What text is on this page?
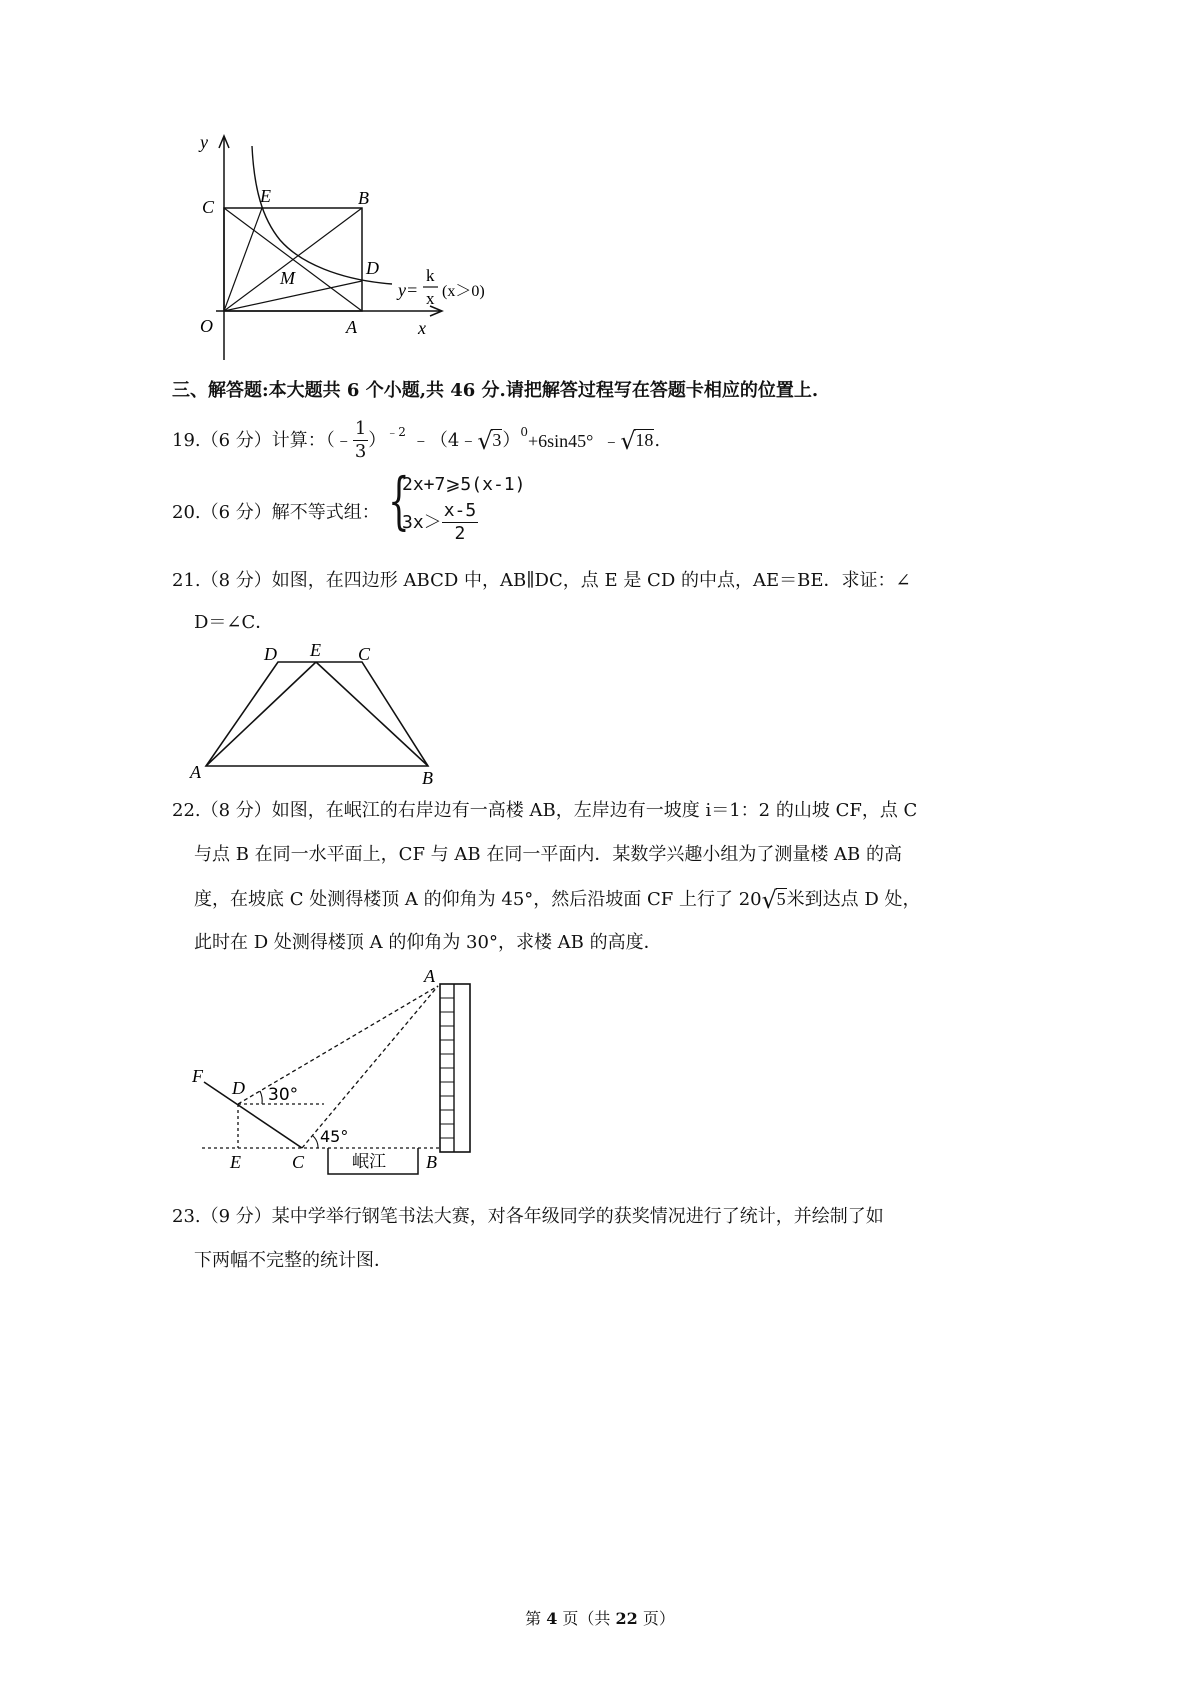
y
C
E	B
D
M
O	A	x
y=
k
x (x＞0)
三、解答题:本大题共 6 个小题,共 46 分.请把解答过程写在答题卡相应的位置上.
19.（6 分）计算：（﹣ $\frac{1}{3}$ ） ﹣2 ﹣（4﹣ √ 3 ） 0 +6sin45°  ﹣ √ 18 .
20.（6 分）解不等式组： {
2x+7⩾5(x-1)
$3x> \frac{x-5}{2}$
21.（8 分）如图，在四边形 ABCD 中，AB∥DC，点 E 是 CD 的中点，AE＝BE．求证：∠
D＝∠C．
D E C
A	B
22.（8 分）如图，在岷江的右岸边有一高楼 AB，左岸边有一坡度 i＝1：2 的山坡 CF，点 C
与点 B 在同一水平面上，CF 与 AB 在同一平面内．某数学兴趣小组为了测量楼 AB 的高
度，在坡底 C 处测得楼顶 A 的仰角为 45°，然后沿坡面 CF 上行了 20 √ 5 米到达点 D 处，
此时在 D 处测得楼顶 A 的仰角为 30°，求楼 AB 的高度．
岷江
A
F
D 30°
45°
E	C	B
23.（9 分）某中学举行钢笔书法大赛，对各年级同学的获奖情况进行了统计，并绘制了如
下两幅不完整的统计图．
第 4 页（共 22 页）
